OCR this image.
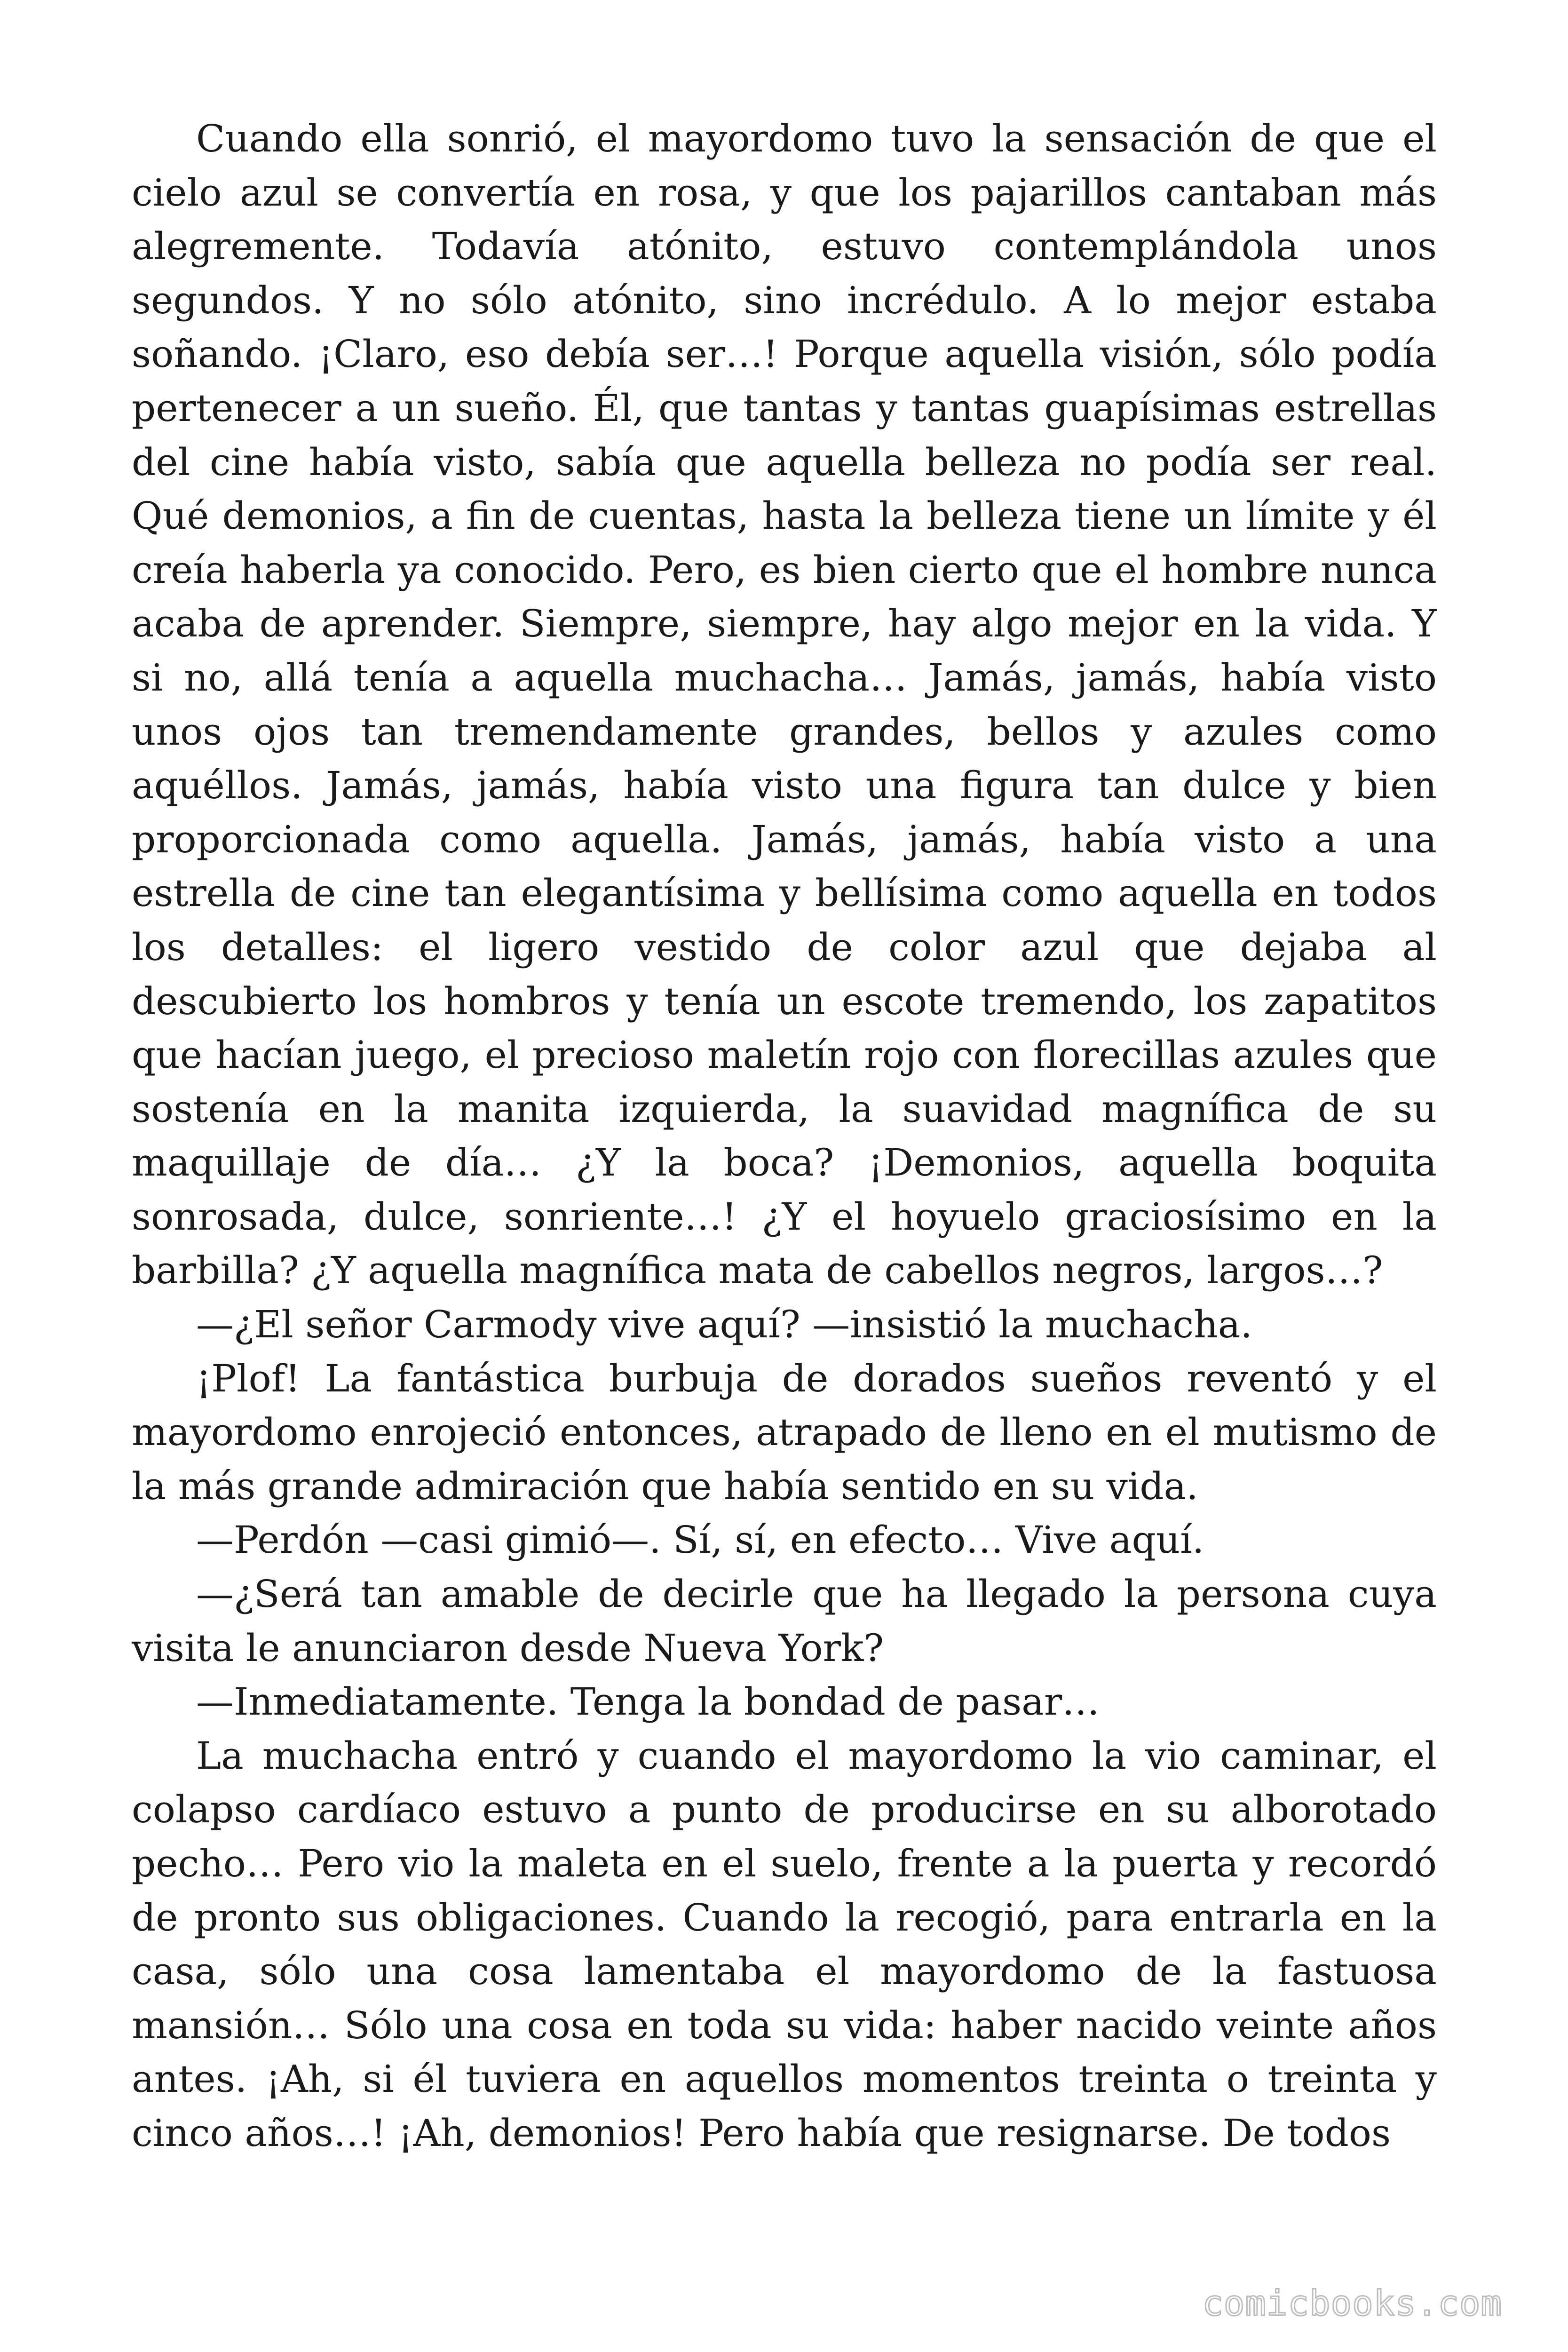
Cuando ella sonrió, el mayordomo tuvo la sensación de que el cielo azul se convertía en rosa, y que los pajarillos cantaban más alegremente. Todavía atónito, estuvo contemplándola unos segundos. Y no sólo atónito, sino incrédulo. A lo mejor estaba soñando. ¡Claro, eso debía ser…! Porque aquella visión, sólo podía pertenecer a un sueño. Él, que tantas y tantas guapísimas estrellas del cine había visto, sabía que aquella belleza no podía ser real. Qué demonios, a fin de cuentas, hasta la belleza tiene un límite y él creía haberla ya conocido. Pero, es bien cierto que el hombre nunca acaba de aprender. Siempre, siempre, hay algo mejor en la vida. Y si no, allá tenía a aquella muchacha… Jamás, jamás, había visto unos ojos tan tremendamente grandes, bellos y azules como aquéllos. Jamás, jamás, había visto una figura tan dulce y bien proporcionada como aquella. Jamás, jamás, había visto a una estrella de cine tan elegantísima y bellísima como aquella en todos los detalles: el ligero vestido de color azul que dejaba al descubierto los hombros y tenía un escote tremendo, los zapatitos que hacían juego, el precioso maletín rojo con florecillas azules que sostenía en la manita izquierda, la suavidad magnífica de su maquillaje de día… ¿Y la boca? ¡Demonios, aquella boquita sonrosada, dulce, sonriente…! ¿Y el hoyuelo graciosísimo en la barbilla? ¿Y aquella magnífica mata de cabellos negros, largos…?

—¿El señor Carmody vive aquí? —insistió la muchacha.

¡Plof! La fantástica burbuja de dorados sueños reventó y el mayordomo enrojeció entonces, atrapado de lleno en el mutismo de la más grande admiración que había sentido en su vida.

—Perdón —casi gimió—. Sí, sí, en efecto… Vive aquí.

—¿Será tan amable de decirle que ha llegado la persona cuya visita le anunciaron desde Nueva York?

—Inmediatamente. Tenga la bondad de pasar…

La muchacha entró y cuando el mayordomo la vio caminar, el colapso cardíaco estuvo a punto de producirse en su alborotado pecho… Pero vio la maleta en el suelo, frente a la puerta y recordó de pronto sus obligaciones. Cuando la recogió, para entrarla en la casa, sólo una cosa lamentaba el mayordomo de la fastuosa mansión… Sólo una cosa en toda su vida: haber nacido veinte años antes. ¡Ah, si él tuviera en aquellos momentos treinta o treinta y cinco años…! ¡Ah, demonios! Pero había que resignarse. De todos

comicbooks.com
